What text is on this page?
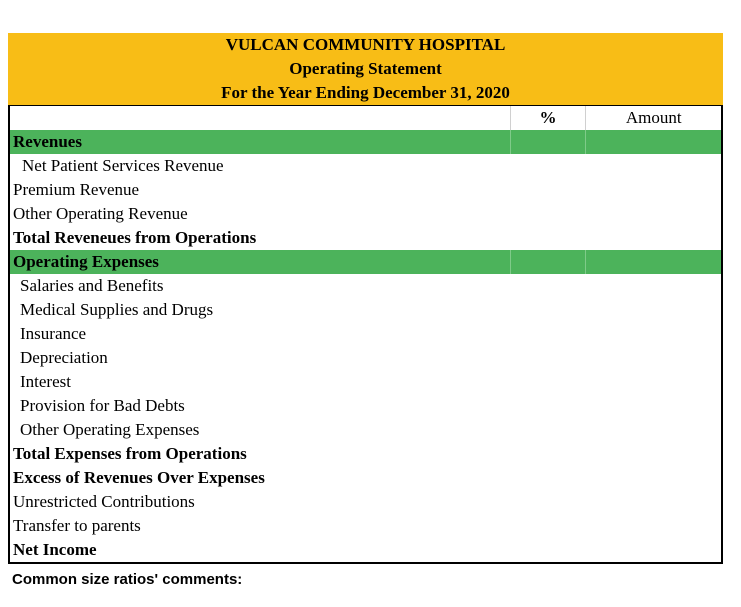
VULCAN COMMUNITY HOSPITAL
Operating Statement
For the Year Ending December 31, 2020
%	Amount
Revenues
Net Patient Services Revenue
Premium Revenue
Other Operating Revenue
Total Reveneues from Operations
Operating Expenses
Salaries and Benefits
Medical Supplies and Drugs
Insurance
Depreciation
Interest
Provision for Bad Debts
Other Operating Expenses
Total Expenses from Operations
Excess of Revenues Over Expenses
Unrestricted Contributions
Transfer to parents
Net Income
Common size ratios' comments:
